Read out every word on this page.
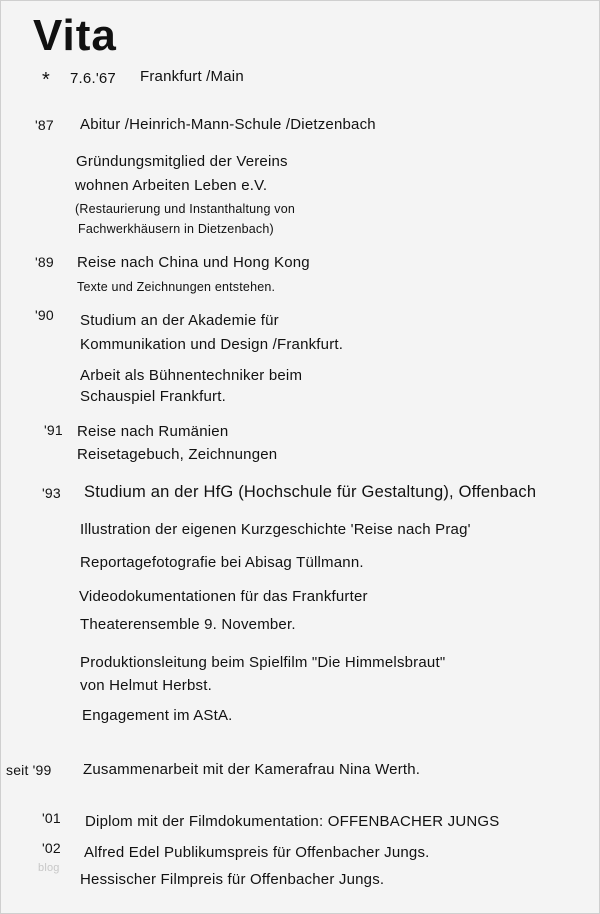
Vita
* 7.6.'67 Frankfurt /Main
'87 Abitur /Heinrich-Mann-Schule /Dietzenbach
Gründungsmitglied der Vereins
wohnen Arbeiten Leben e.V.
(Restaurierung und Instanthaltung von
Fachwerkhäusern in Dietzenbach)
'89 Reise nach China und Hong Kong
Texte und Zeichnungen entstehen.
'90 Studium an der Akademie für
Kommunikation und Design /Frankfurt.
Arbeit als Bühnentechniker beim
Schauspiel Frankfurt.
'91 Reise nach Rumänien
Reisetagebuch, Zeichnungen
'93 Studium an der HfG (Hochschule für Gestaltung), Offenbach
Illustration der eigenen Kurzgeschichte 'Reise nach Prag'
Reportagefotografie bei Abisag Tüllmann.
Videodokumentationen für das Frankfurter
Theaterensemble 9. November.
Produktionsleitung beim Spielfilm "Die Himmelsbraut"
von Helmut Herbst.
Engagement im AStA.
seit '99 Zusammenarbeit mit der Kamerafrau Nina Werth.
'01 Diplom mit der Filmdokumentation: OFFENBACHER JUNGS
'02 Alfred Edel Publikumspreis für Offenbacher Jungs.
Hessischer Filmpreis für Offenbacher Jungs.
blog
